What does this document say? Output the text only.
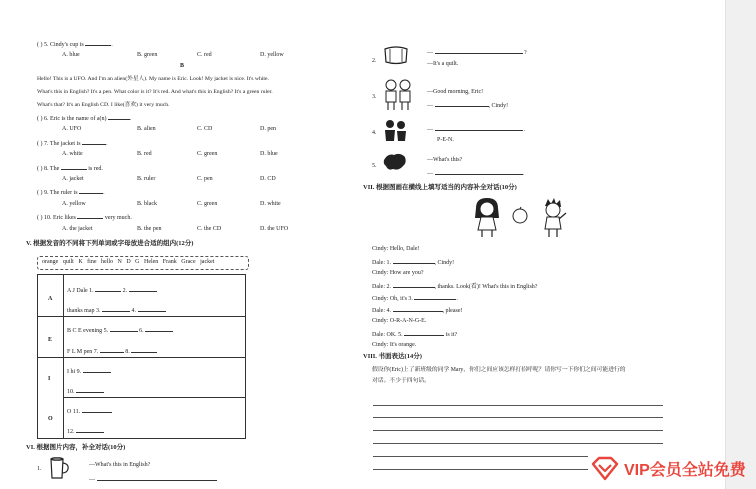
( ) 5. Cindy's cup is	.
A. blue	B. green	C. red	D. yellow
B
Hello! This is a UFO. And I'm an alien(外星人). My name is Eric. Look! My jacket is nice. It's white.
What's this in English? It's a pen. What color is it? It's red. And what's this in English? It's a green ruler.
What's that? It's an English CD. I like(喜欢) it very much.
( ) 6. Eric is the name of a(n)	.
A. UFO	B. alien	C. CD	D. pen
( ) 7. The jacket is	.
A. white	B. red	C. green	D. blue
( ) 8. The	is red.
A. jacket	B. ruler	C. pen	D. CD
( ) 9. The ruler is	.
A. yellow	B. black	C. green	D. white
( ) 10. Eric likes	very much.
A. the jacket	B. the pen	C. the CD	D. the UFO
V. 根据发音的不同将下列单词或字母放进合适的组内(12分)
orange quilt K fine hello N D G Helen Frank Grace jacket
A
A J Dale 1.	2.
thanks map 3.	4.
E
B C E evening 5.	6.
F L M pen 7.	8.
I
I hi 9.
10.
O
O 11.
12.
VI. 根据图片内容，补全对话(10分)
1.
—What's this in English?
—
2.
—	?
—It's a quilt.
3.
—Good morning, Eric!
—	, Cindy!
4.	—	.
P-E-N.
5.
—What's this?
—	.
VII. 根据图画在横线上填写适当的内容补全对话(10分)
Cindy: Hello, Dale!
Dale: 1.	, Cindy!
Cindy: How are you?
Dale: 2.	, thanks. Look(看)! What's this in English?
Cindy: Oh, it's 3.	.
Dale: 4.	, please!
Cindy: O-R-A-N-G-E.
Dale: OK. 5.	is it?
Cindy: It's orange.
VIII. 书面表达(14分)
假设你(Eric)上了新班级的同学 Mary，你们之间应该怎样打招呼呢？请你写一下你们之间可能进行的
对话。不少于四句话。
VIP会员全站免费
